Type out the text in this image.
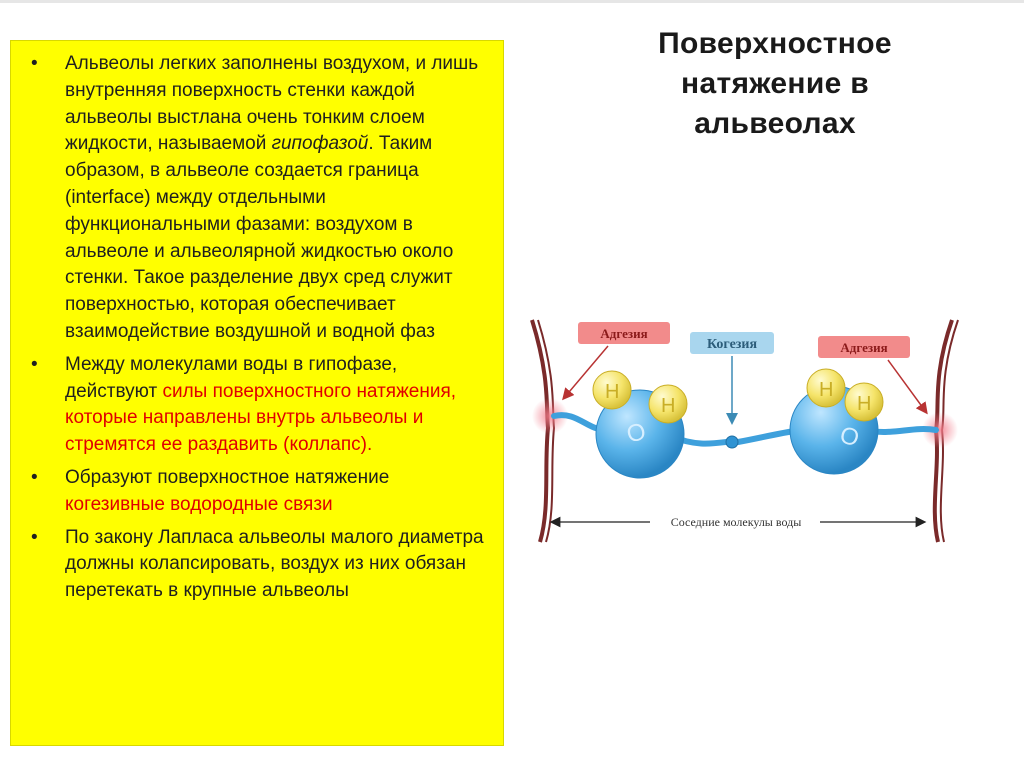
Поверхностное натяжение в альвеолах
•	Альвеолы легких заполнены воздухом, и лишь внутренняя поверхность стенки каждой альвеолы выстлана очень тонким слоем жидкости, называемой гипофазой. Таким образом, в альвеоле создается граница (interface) между отдельными функциональными фазами: воздухом в альвеоле и альвеолярной жидкостью около стенки. Такое разделение двух сред служит поверхностью, которая обеспечивает взаимодействие воздушной и водной фаз
•	Между молекулами воды в гипофазе, действуют силы поверхностного натяжения, которые направлены внутрь альвеолы и стремятся ее раздавить (коллапс).
•	Образуют поверхностное натяжение когезивные водородные связи
•	По закону Лапласа альвеолы малого диаметра должны колапсировать, воздух из них обязан перетекать в крупные альвеолы
O
H
H
O
H
H
Адгезия
Когезия	Адгезия
Соседние молекулы воды
